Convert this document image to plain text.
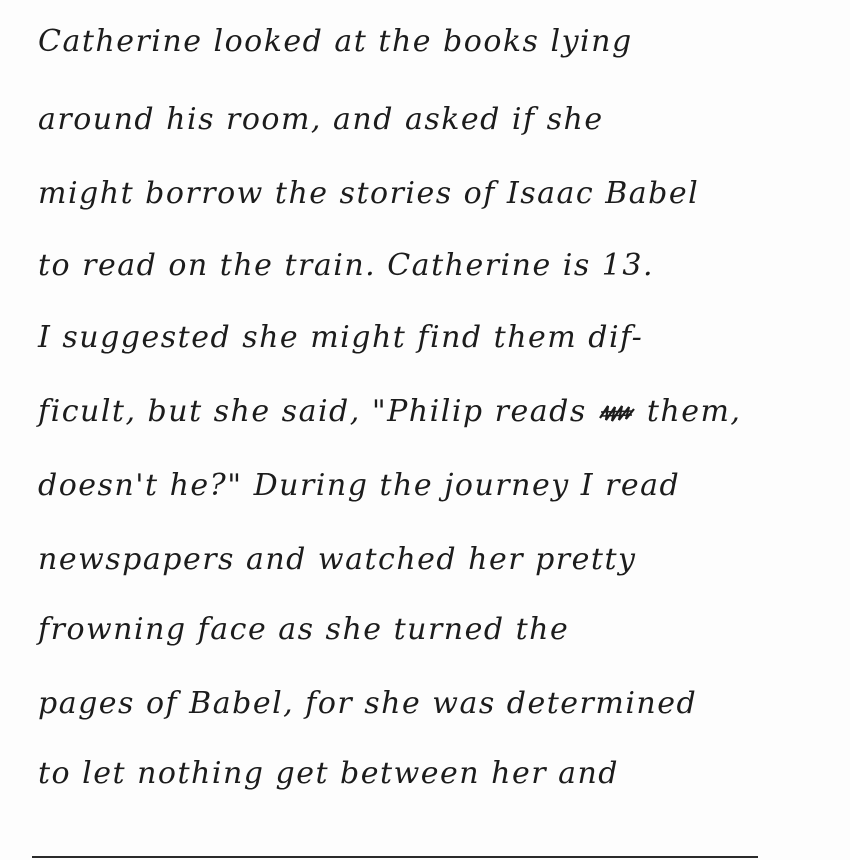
Catherine looked at the books lying
around his room, and asked if she
might borrow the stories of Isaac Babel
to read on the train. Catherine is 13.
I suggested she might find them dif-
ficult, but she said, "Philip reads them,
doesn't he?" During the journey I read
newspapers and watched her pretty
frowning face as she turned the
pages of Babel, for she was determined
to let nothing get between her and
